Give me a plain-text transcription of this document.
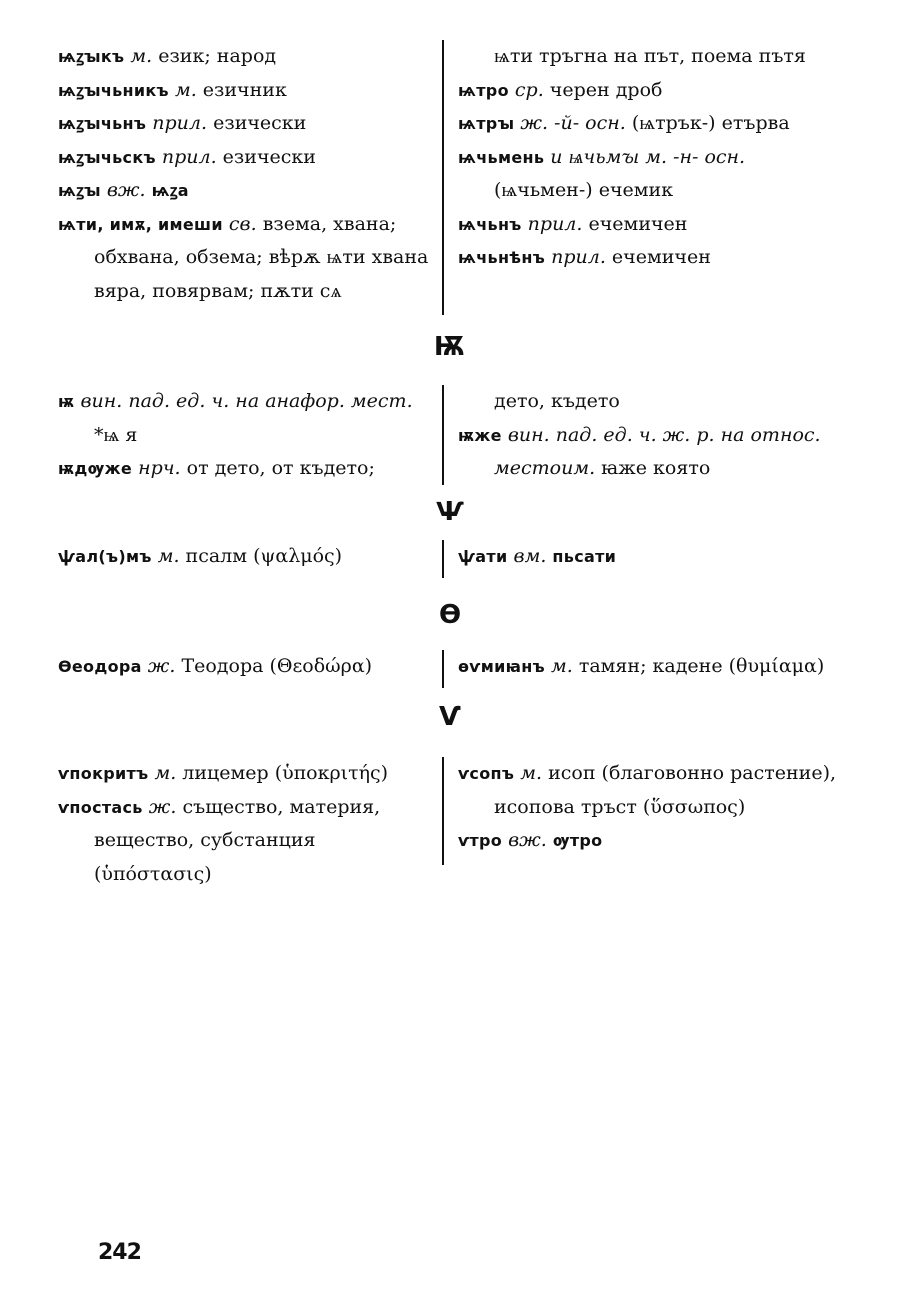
ѩꙁꙑкъ м. език; народ

ѩꙁꙑчьникъ м. езичник

ѩꙁꙑчьнъ прил. езически

ѩꙁꙑчьскъ прил. езически

ѩꙁꙑ вж. ѩꙁа

ѩти, имѫ, имеши св. взема, хвана; обхвана, обзема; вѣрѫ ѩти хвана вяра, повярвам; пѫти сѧ

ѩти тръгна на път, поема пътя

ѩтро ср. черен дроб

ѩтрꙑ ж. -й- осн. (ѩтрък-) етърва

ѩчьмень и ѩчьмꙑ м. -н- осн. (ѩчьмен-) ечемик

ѩчьнъ прил. ечемичен

ѩчьнѣнъ прил. ечемичен

Ѭ

ѭ вин. пад. ед. ч. на анафор. мест. *ѩ я

ѭдѹже нрч. от дето, от където;

дето, където

ѭже вин. пад. ед. ч. ж. р. на относ. местоим. ꙗже която

Ѱ

ѱал(ъ)мъ м. псалм (ψαλμός)	ѱати вм. пьсати

Ѳ

Ѳеодора ж. Теодора (Θεοδώρα)	ѳѵмиꙗнъ м. тамян; кадене (θυμίαμα)

Ѵ

ѵпокритъ м. лицемер (ὑποκριτής)

ѵпостась ж. същество, материя, вещество, субстанция (ὑπόστασις)

ѵсопъ м. исоп (благовонно растение), исопова тръст (ὕσσωπος)

ѵтро вж. ѹтро

242
